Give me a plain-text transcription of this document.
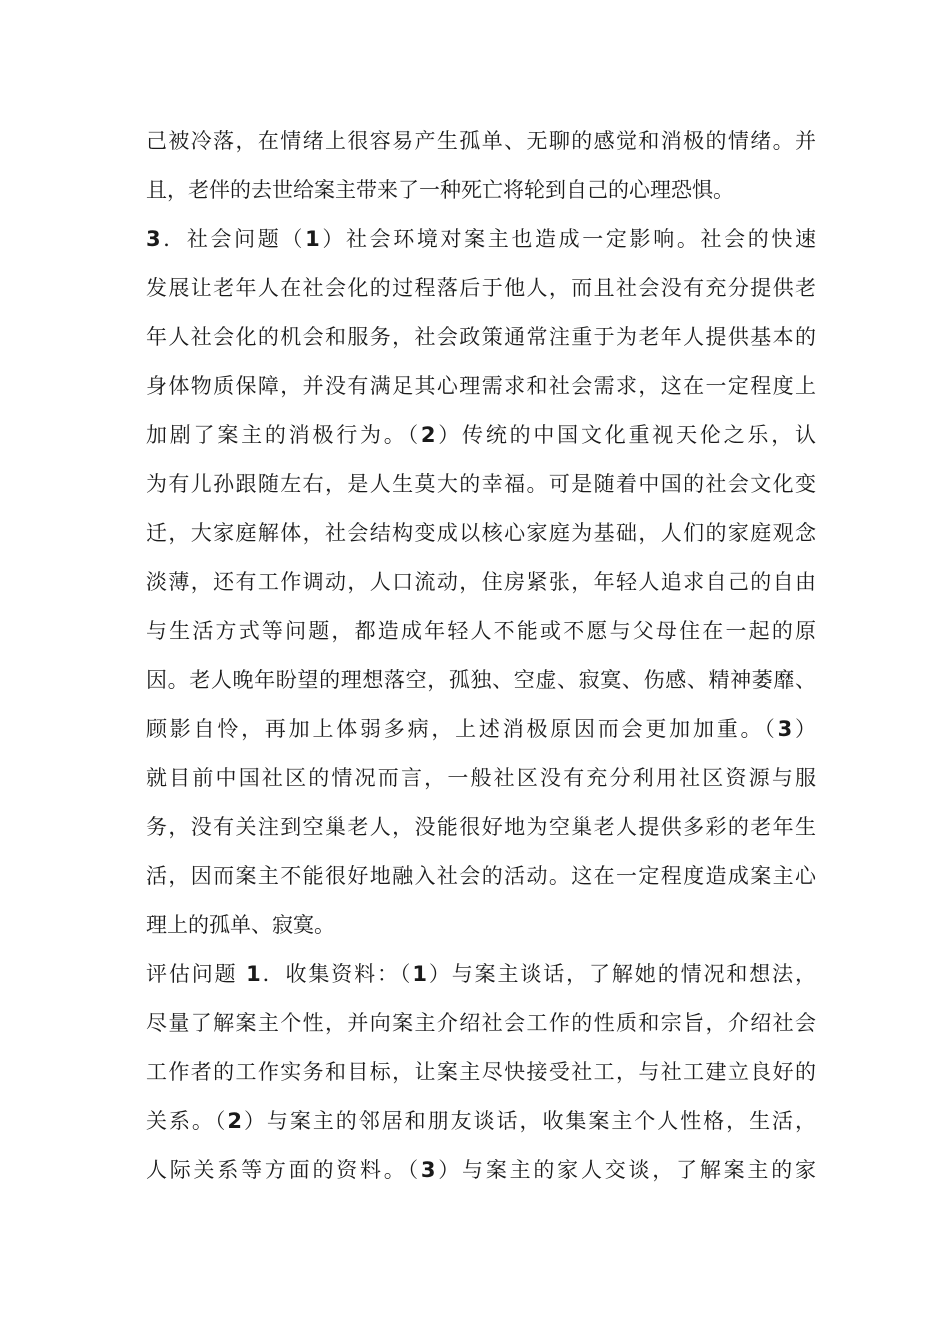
己被冷落，在情绪上很容易产生孤单、无聊的感觉和消极的情绪。并
且，老伴的去世给案主带来了一种死亡将轮到自己的心理恐惧。
3．社会问题（1）社会环境对案主也造成一定影响。社会的快速
发展让老年人在社会化的过程落后于他人，而且社会没有充分提供老
年人社会化的机会和服务，社会政策通常注重于为老年人提供基本的
身体物质保障，并没有满足其心理需求和社会需求，这在一定程度上
加剧了案主的消极行为。（2）传统的中国文化重视天伦之乐，认
为有儿孙跟随左右，是人生莫大的幸福。可是随着中国的社会文化变
迁，大家庭解体，社会结构变成以核心家庭为基础，人们的家庭观念
淡薄，还有工作调动，人口流动，住房紧张，年轻人追求自己的自由
与生活方式等问题，都造成年轻人不能或不愿与父母住在一起的原
因。老人晚年盼望的理想落空，孤独、空虚、寂寞、伤感、精神萎靡、
顾影自怜，再加上体弱多病，上述消极原因而会更加加重。（3）
就目前中国社区的情况而言，一般社区没有充分利用社区资源与服
务，没有关注到空巢老人，没能很好地为空巢老人提供多彩的老年生
活，因而案主不能很好地融入社会的活动。这在一定程度造成案主心
理上的孤单、寂寞。
评估问题 1．收集资料：（1）与案主谈话，了解她的情况和想法，
尽量了解案主个性，并向案主介绍社会工作的性质和宗旨，介绍社会
工作者的工作实务和目标，让案主尽快接受社工，与社工建立良好的
关系。（2）与案主的邻居和朋友谈话，收集案主个人性格，生活，
人际关系等方面的资料。（3）与案主的家人交谈，了解案主的家
